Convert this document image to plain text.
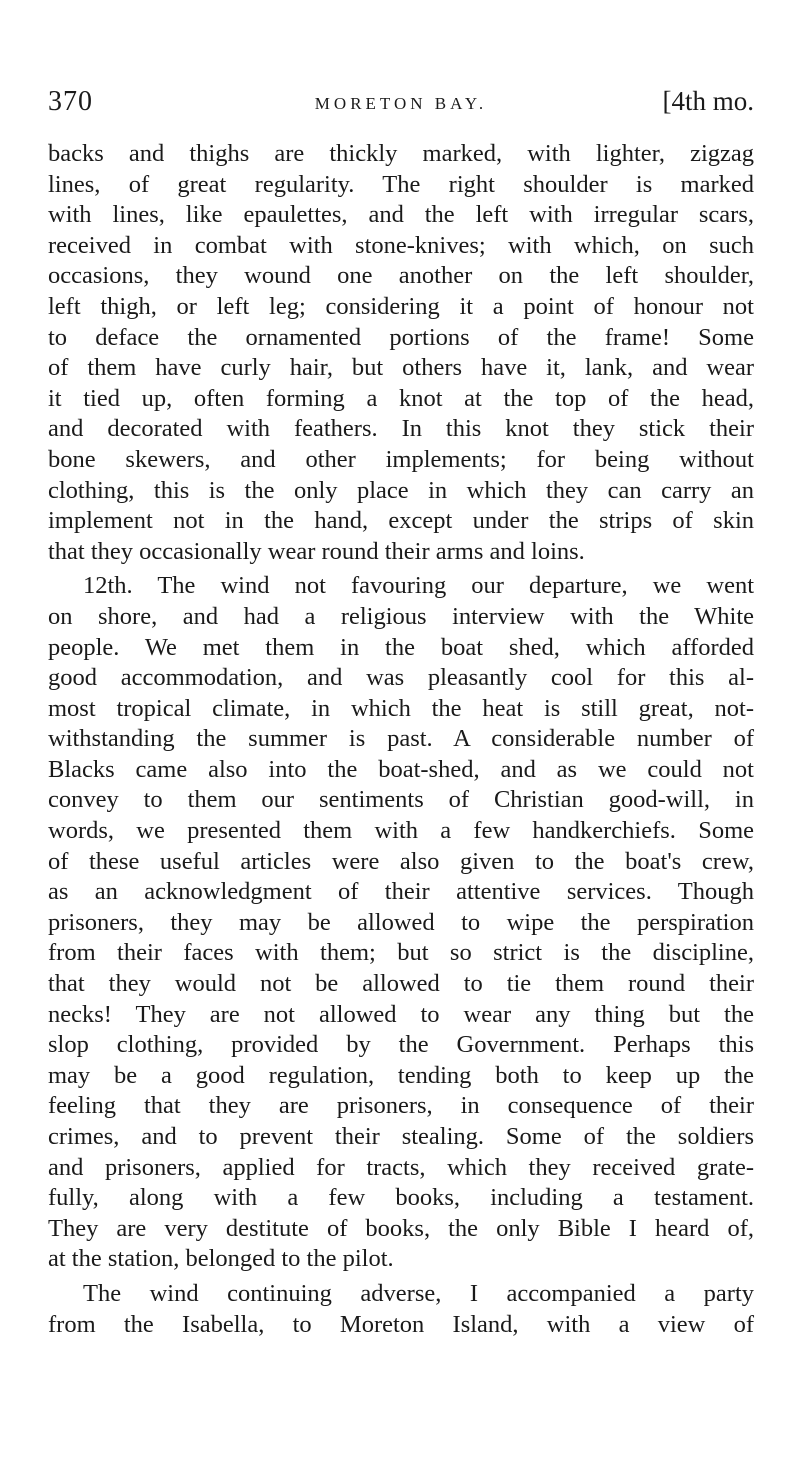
370	MORETON BAY.	[4th mo.
backs and thighs are thickly marked, with lighter, zigzag
lines, of great regularity. The right shoulder is marked
with lines, like epaulettes, and the left with irregular scars,
received in combat with stone-knives; with which, on such
occasions, they wound one another on the left shoulder,
left thigh, or left leg; considering it a point of honour not
to deface the ornamented portions of the frame! Some
of them have curly hair, but others have it, lank, and wear
it tied up, often forming a knot at the top of the head,
and decorated with feathers. In this knot they stick their
bone skewers, and other implements; for being without
clothing, this is the only place in which they can carry an
implement not in the hand, except under the strips of skin
that they occasionally wear round their arms and loins.
12th. The wind not favouring our departure, we went
on shore, and had a religious interview with the White
people. We met them in the boat shed, which afforded
good accommodation, and was pleasantly cool for this al-
most tropical climate, in which the heat is still great, not-
withstanding the summer is past. A considerable number of
Blacks came also into the boat-shed, and as we could not
convey to them our sentiments of Christian good-will, in
words, we presented them with a few handkerchiefs. Some
of these useful articles were also given to the boat's crew,
as an acknowledgment of their attentive services. Though
prisoners, they may be allowed to wipe the perspiration
from their faces with them; but so strict is the discipline,
that they would not be allowed to tie them round their
necks! They are not allowed to wear any thing but the
slop clothing, provided by the Government. Perhaps this
may be a good regulation, tending both to keep up the
feeling that they are prisoners, in consequence of their
crimes, and to prevent their stealing. Some of the soldiers
and prisoners, applied for tracts, which they received grate-
fully, along with a few books, including a testament.
They are very destitute of books, the only Bible I heard of,
at the station, belonged to the pilot.
The wind continuing adverse, I accompanied a party
from the Isabella, to Moreton Island, with a view of
